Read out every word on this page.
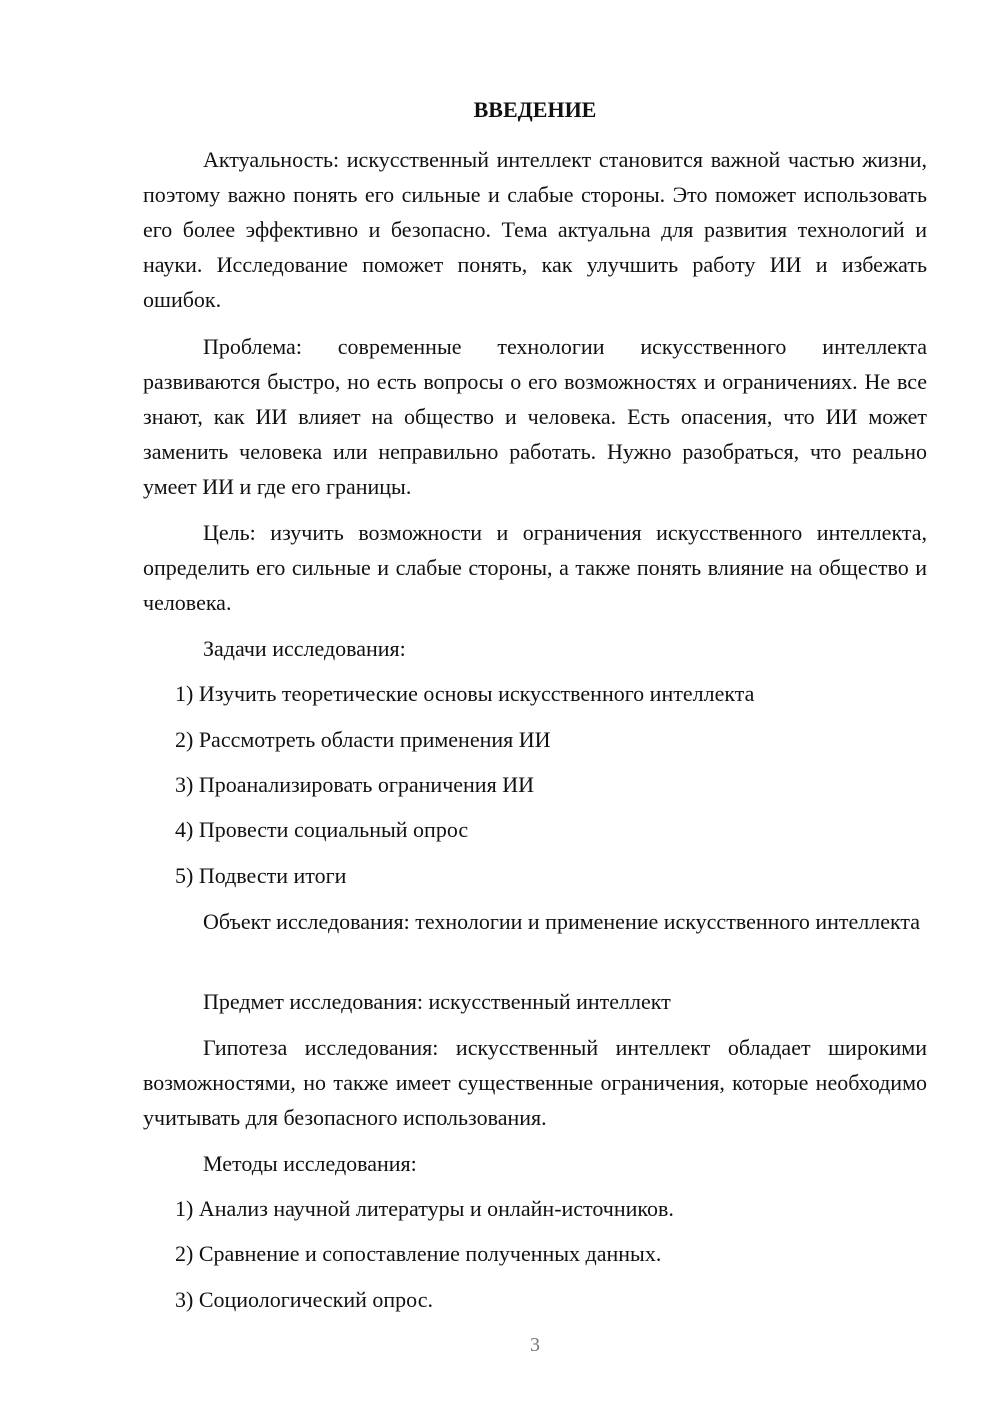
ВВЕДЕНИЕ

Актуальность: искусственный интеллект становится важной частью жизни, поэтому важно понять его сильные и слабые стороны. Это поможет использовать его более эффективно и безопасно. Тема актуальна для развития технологий и науки. Исследование поможет понять, как улучшить работу ИИ и избежать ошибок.

Проблема: современные технологии искусственного интеллекта развиваются быстро, но есть вопросы о его возможностях и ограничениях. Не все знают, как ИИ влияет на общество и человека. Есть опасения, что ИИ может заменить человека или неправильно работать. Нужно разобраться, что реально умеет ИИ и где его границы.

Цель: изучить возможности и ограничения искусственного интеллекта, определить его сильные и слабые стороны, а также понять влияние на общество и человека.

Задачи исследования:

1) Изучить теоретические основы искусственного интеллекта

2) Рассмотреть области применения ИИ

3) Проанализировать ограничения ИИ

4) Провести социальный опрос

5) Подвести итоги

Объект исследования: технологии и применение искусственного интеллекта

Предмет исследования: искусственный интеллект

Гипотеза исследования: искусственный интеллект обладает широкими возможностями, но также имеет существенные ограничения, которые необходимо учитывать для безопасного использования.

Методы исследования:

1) Анализ научной литературы и онлайн-источников.

2) Сравнение и сопоставление полученных данных.

3) Социологический опрос.

3
